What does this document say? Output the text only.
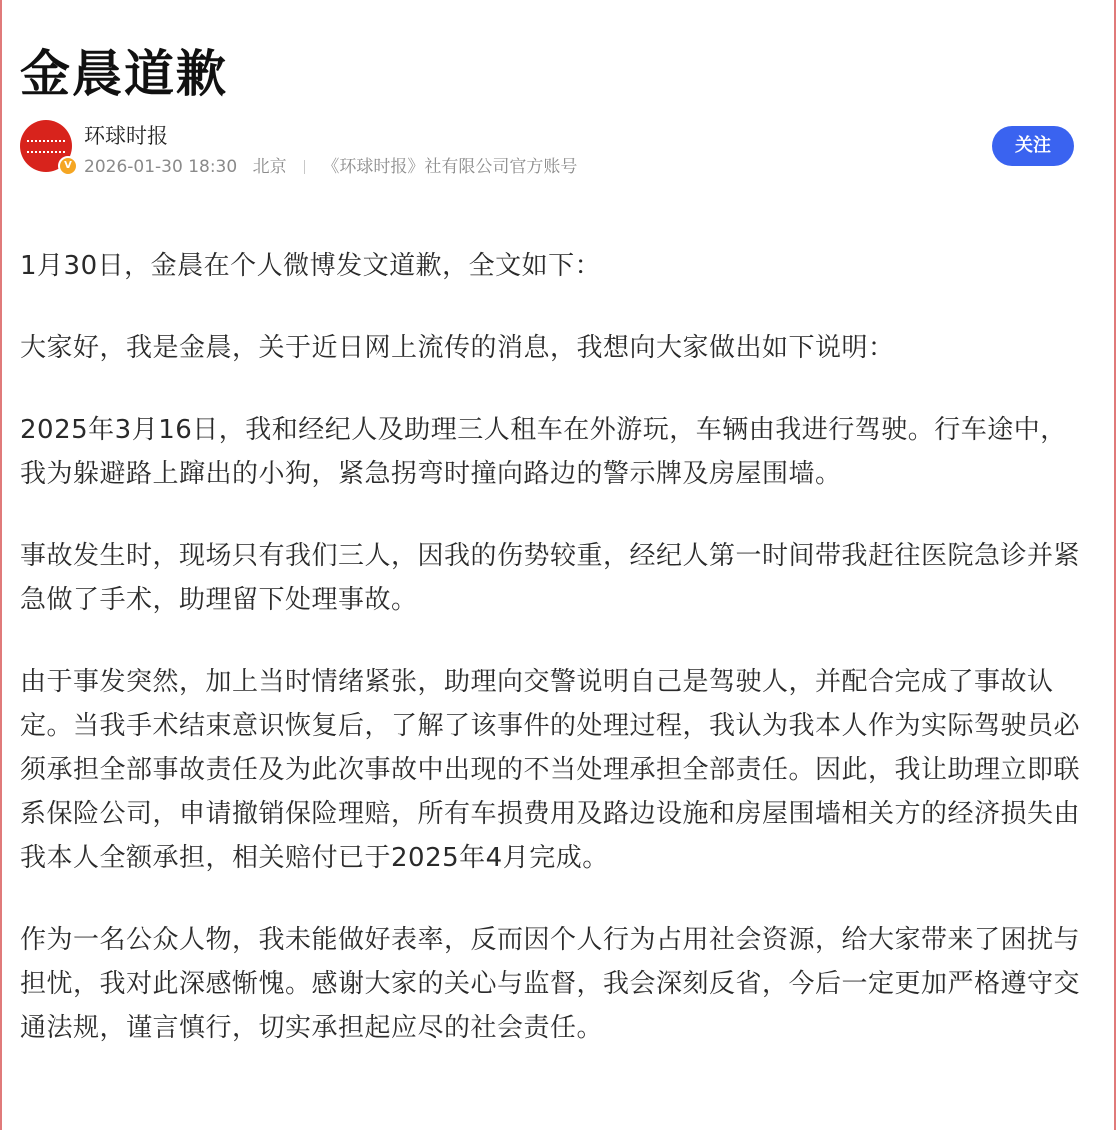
金晨道歉
V
环球时报
2026-01-30 18:30 北京 《环球时报》社有限公司官方账号
关注

1月30日，金晨在个人微博发文道歉，全文如下：

大家好，我是金晨，关于近日网上流传的消息，我想向大家做出如下说明：

2025年3月16日，我和经纪人及助理三人租车在外游玩，车辆由我进行驾驶。行车途中，我为躲避路上蹿出的小狗，紧急拐弯时撞向路边的警示牌及房屋围墙。

事故发生时，现场只有我们三人，因我的伤势较重，经纪人第一时间带我赶往医院急诊并紧急做了手术，助理留下处理事故。

由于事发突然，加上当时情绪紧张，助理向交警说明自己是驾驶人，并配合完成了事故认定。当我手术结束意识恢复后，了解了该事件的处理过程，我认为我本人作为实际驾驶员必须承担全部事故责任及为此次事故中出现的不当处理承担全部责任。因此，我让助理立即联系保险公司，申请撤销保险理赔，所有车损费用及路边设施和房屋围墙相关方的经济损失由我本人全额承担，相关赔付已于2025年4月完成。

作为一名公众人物，我未能做好表率，反而因个人行为占用社会资源，给大家带来了困扰与担忧，我对此深感惭愧。感谢大家的关心与监督，我会深刻反省，今后一定更加严格遵守交通法规，谨言慎行，切实承担起应尽的社会责任。
